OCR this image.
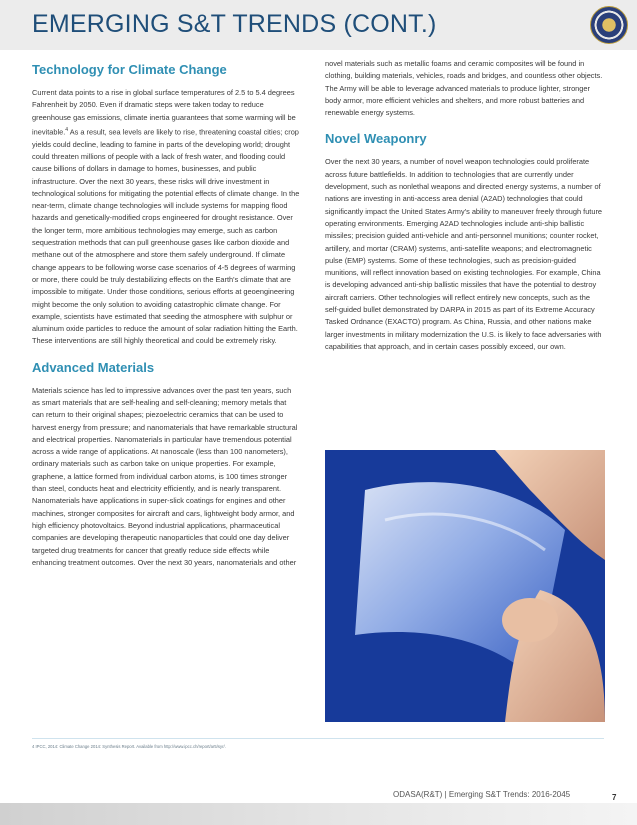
EMERGING S&T TRENDS (CONT.)
Technology for Climate Change

Current data points to a rise in global surface temperatures of 2.5 to 5.4 degrees Fahrenheit by 2050. Even if dramatic steps were taken today to reduce greenhouse gas emissions, climate inertia guarantees that some warming will be inevitable.$^4$ As a result, sea levels are likely to rise, threatening coastal cities; crop yields could decline, leading to famine in parts of the developing world; drought could threaten millions of people with a lack of fresh water, and flooding could cause billions of dollars in damage to homes, businesses, and public infrastructure. Over the next 30 years, these risks will drive investment in technological solutions for mitigating the potential effects of climate change. In the near-term, climate change technologies will include systems for mapping flood hazards and genetically-modified crops engineered for drought resistance. Over the longer term, more ambitious technologies may emerge, such as carbon sequestration methods that can pull greenhouse gases like carbon dioxide and methane out of the atmosphere and store them safely underground. If climate change appears to be following worse case scenarios of 4-5 degrees of warming or more, there could be truly destabilizing effects on the Earth's climate that are impossible to mitigate. Under those conditions, serious efforts at geoengineering might become the only solution to avoiding catastrophic climate change. For example, scientists have estimated that seeding the atmosphere with sulphur or aluminum oxide particles to reduce the amount of solar radiation hitting the Earth. These interventions are still highly theoretical and could be extremely risky.

Advanced Materials

Materials science has led to impressive advances over the past ten years, such as smart materials that are self-healing and self-cleaning; memory metals that can return to their original shapes; piezoelectric ceramics that can be used to harvest energy from pressure; and nanomaterials that have remarkable structural and electrical properties. Nanomaterials in particular have tremendous potential across a wide range of applications. At nanoscale (less than 100 nanometers), ordinary materials such as carbon take on unique properties. For example, graphene, a lattice formed from individual carbon atoms, is 100 times stronger than steel, conducts heat and electricity efficiently, and is nearly transparent. Nanomaterials have applications in super-slick coatings for engines and other machines, stronger composites for aircraft and cars, lightweight body armor, and high efficiency photovoltaics. Beyond industrial applications, pharmaceutical companies are developing therapeutic nanoparticles that could one day deliver targeted drug treatments for cancer that greatly reduce side effects while enhancing treatment outcomes. Over the next 30 years, nanomaterials and other

novel materials such as metallic foams and ceramic composites will be found in clothing, building materials, vehicles, roads and bridges, and countless other objects. The Army will be able to leverage advanced materials to produce lighter, stronger body armor, more efficient vehicles and shelters, and more robust batteries and renewable energy systems.

Novel Weaponry

Over the next 30 years, a number of novel weapon technologies could proliferate across future battlefields. In addition to technologies that are currently under development, such as nonlethal weapons and directed energy systems, a number of nations are investing in anti-access area denial (A2AD) technologies that could significantly impact the United States Army's ability to maneuver freely through future operating environments. Emerging A2AD technologies include anti-ship ballistic missiles; precision guided anti-vehicle and anti-personnel munitions; counter rocket, artillery, and mortar (CRAM) systems, anti-satellite weapons; and electromagnetic pulse (EMP) systems. Some of these technologies, such as precision-guided munitions, will reflect innovation based on existing technologies. For example, China is developing advanced anti-ship ballistic missiles that have the potential to destroy aircraft carriers. Other technologies will reflect entirely new concepts, such as the self-guided bullet demonstrated by DARPA in 2015 as part of its Extreme Accuracy Tasked Ordnance (EXACTO) program. As China, Russia, and other nations make larger investments in military modernization the U.S. is likely to face adversaries with capabilities that approach, and in certain cases possibly exceed, our own.

4 IPCC, 2014: Climate Change 2014: Synthesis Report. Available from http://www.ipcc.ch/report/ar5/syr/.
ODASA(R&T) | Emerging S&T Trends: 2016-2045	7
